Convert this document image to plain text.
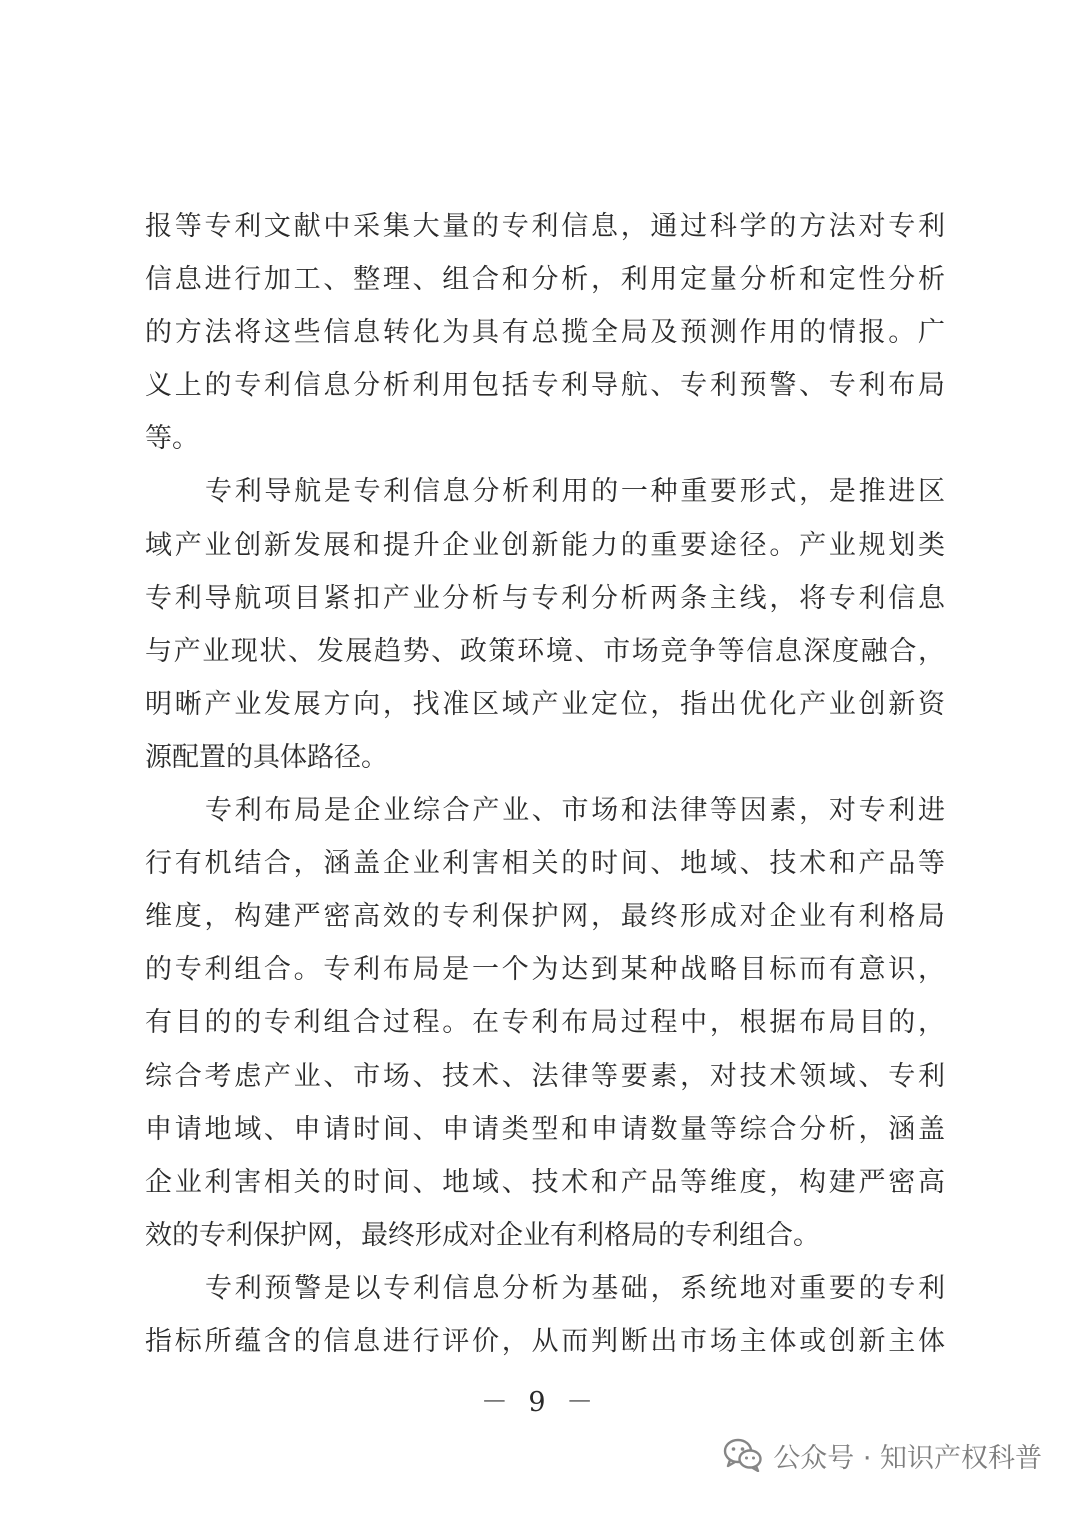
报等专利文献中采集大量的专利信息，通过科学的方法对专利
信息进行加工、整理、组合和分析，利用定量分析和定性分析
的方法将这些信息转化为具有总揽全局及预测作用的情报。广
义上的专利信息分析利用包括专利导航、专利预警、专利布局
等。
专利导航是专利信息分析利用的一种重要形式，是推进区
域产业创新发展和提升企业创新能力的重要途径。产业规划类
专利导航项目紧扣产业分析与专利分析两条主线，将专利信息
与产业现状、发展趋势、政策环境、市场竞争等信息深度融合，
明晰产业发展方向，找准区域产业定位，指出优化产业创新资
源配置的具体路径。
专利布局是企业综合产业、市场和法律等因素，对专利进
行有机结合，涵盖企业利害相关的时间、地域、技术和产品等
维度，构建严密高效的专利保护网，最终形成对企业有利格局
的专利组合。专利布局是一个为达到某种战略目标而有意识，
有目的的专利组合过程。在专利布局过程中，根据布局目的，
综合考虑产业、市场、技术、法律等要素，对技术领域、专利
申请地域、申请时间、申请类型和申请数量等综合分析，涵盖
企业利害相关的时间、地域、技术和产品等维度，构建严密高
效的专利保护网，最终形成对企业有利格局的专利组合。
专利预警是以专利信息分析为基础，系统地对重要的专利
指标所蕴含的信息进行评价，从而判断出市场主体或创新主体
－ 9 －
公众号 · 知识产权科普
